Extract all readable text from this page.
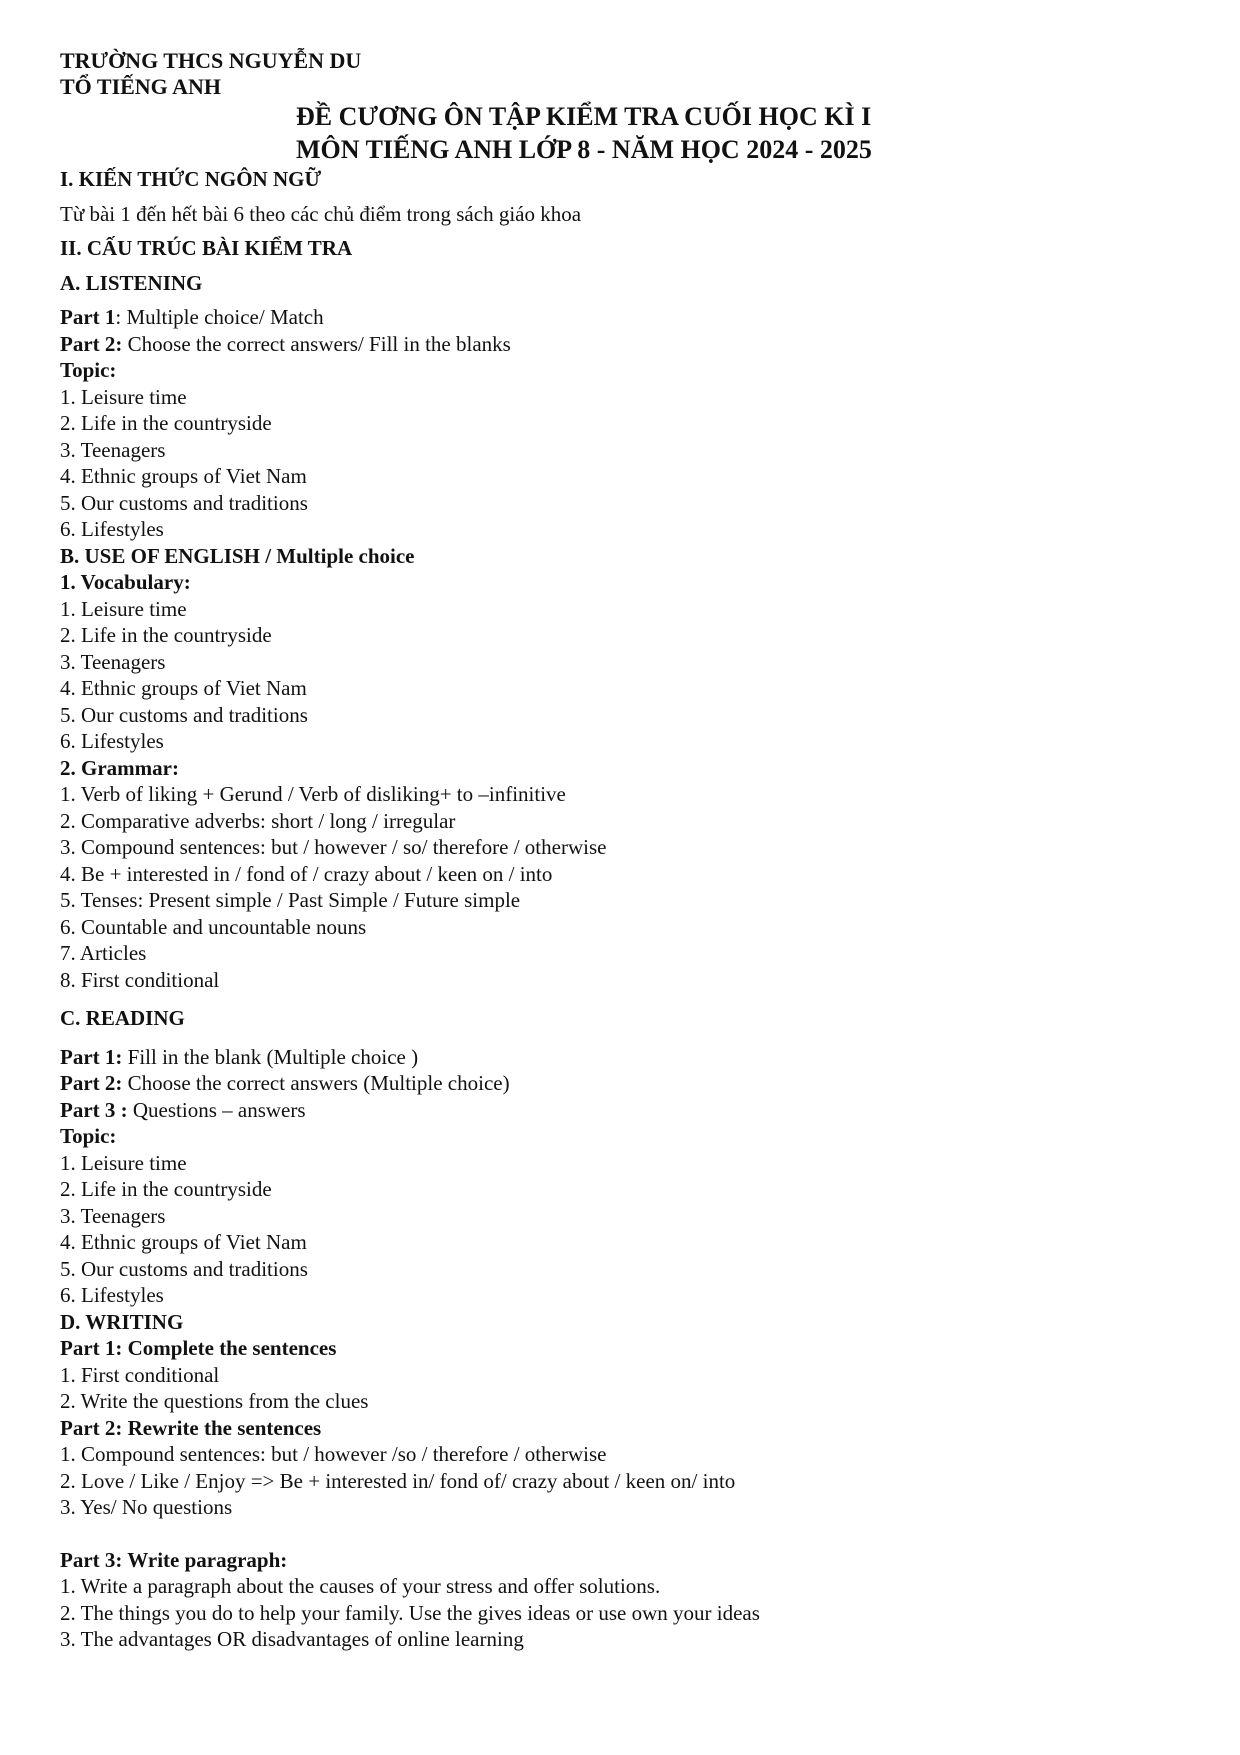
TRƯỜNG THCS NGUYỄN DU
TỔ TIẾNG ANH
ĐỀ CƯƠNG ÔN TẬP KIỂM TRA CUỐI HỌC KÌ I
MÔN TIẾNG ANH LỚP 8 - NĂM HỌC 2024 - 2025
I. KIẾN THỨC NGÔN NGỮ
Từ bài 1 đến hết bài 6 theo các chủ điểm trong sách giáo khoa
II. CẤU TRÚC BÀI KIỂM TRA
A. LISTENING
Part 1: Multiple choice/ Match
Part 2: Choose the correct answers/ Fill in the blanks
Topic:
1. Leisure time
2. Life in the countryside
3. Teenagers
4. Ethnic groups of Viet Nam
5. Our customs and traditions
6. Lifestyles
B. USE OF ENGLISH / Multiple choice
1. Vocabulary:
1. Leisure time
2. Life in the countryside
3. Teenagers
4. Ethnic groups of Viet Nam
5. Our customs and traditions
6. Lifestyles
2. Grammar:
1. Verb of liking + Gerund / Verb of disliking+ to –infinitive
2. Comparative adverbs: short / long / irregular
3. Compound sentences: but / however / so/ therefore / otherwise
4. Be + interested in / fond of / crazy about / keen on / into
5. Tenses: Present simple / Past Simple / Future simple
6. Countable and uncountable nouns
7. Articles
8. First conditional
C. READING
Part 1: Fill in the blank (Multiple choice )
Part 2: Choose the correct answers (Multiple choice)
Part 3 : Questions – answers
Topic:
1. Leisure time
2. Life in the countryside
3. Teenagers
4. Ethnic groups of Viet Nam
5. Our customs and traditions
6. Lifestyles
D. WRITING
Part 1: Complete the sentences
1. First conditional
2. Write the questions from the clues
Part 2: Rewrite the sentences
1. Compound sentences: but / however /so / therefore / otherwise
2. Love / Like / Enjoy => Be + interested in/ fond of/ crazy about / keen on/ into
3. Yes/ No questions
Part 3: Write paragraph:
1. Write a paragraph about the causes of your stress and offer solutions.
2. The things you do to help your family. Use the gives ideas or use own your ideas
3. The advantages OR disadvantages of online learning
